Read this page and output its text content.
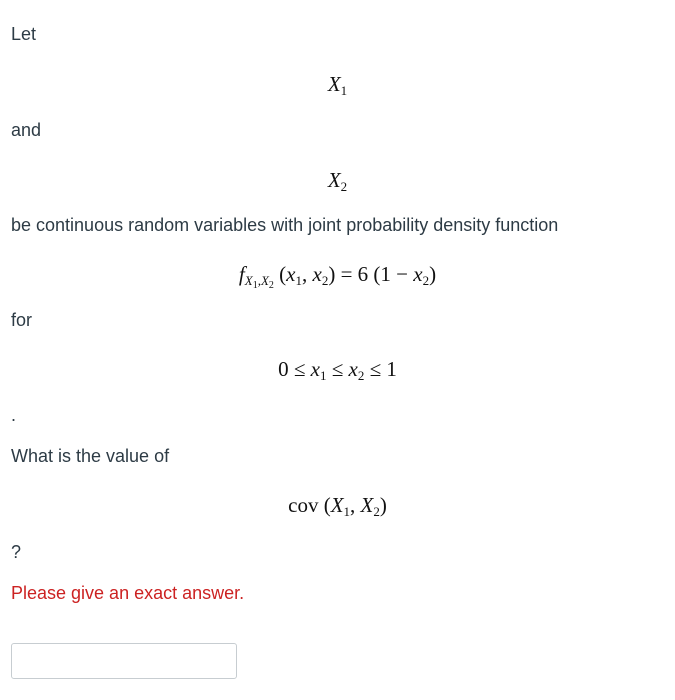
Let

$X_1$

and

$X_2$

be continuous random variables with joint probability density function

$f_{X_1,X_2}$ ($x_1$, $x_2) = 6$ $(1 - x_2)$

for

$0 \le x_1 \le x_2 \le 1$

.

What is the value of

cov ($X_1$, $X_2$)

?

Please give an exact answer.
